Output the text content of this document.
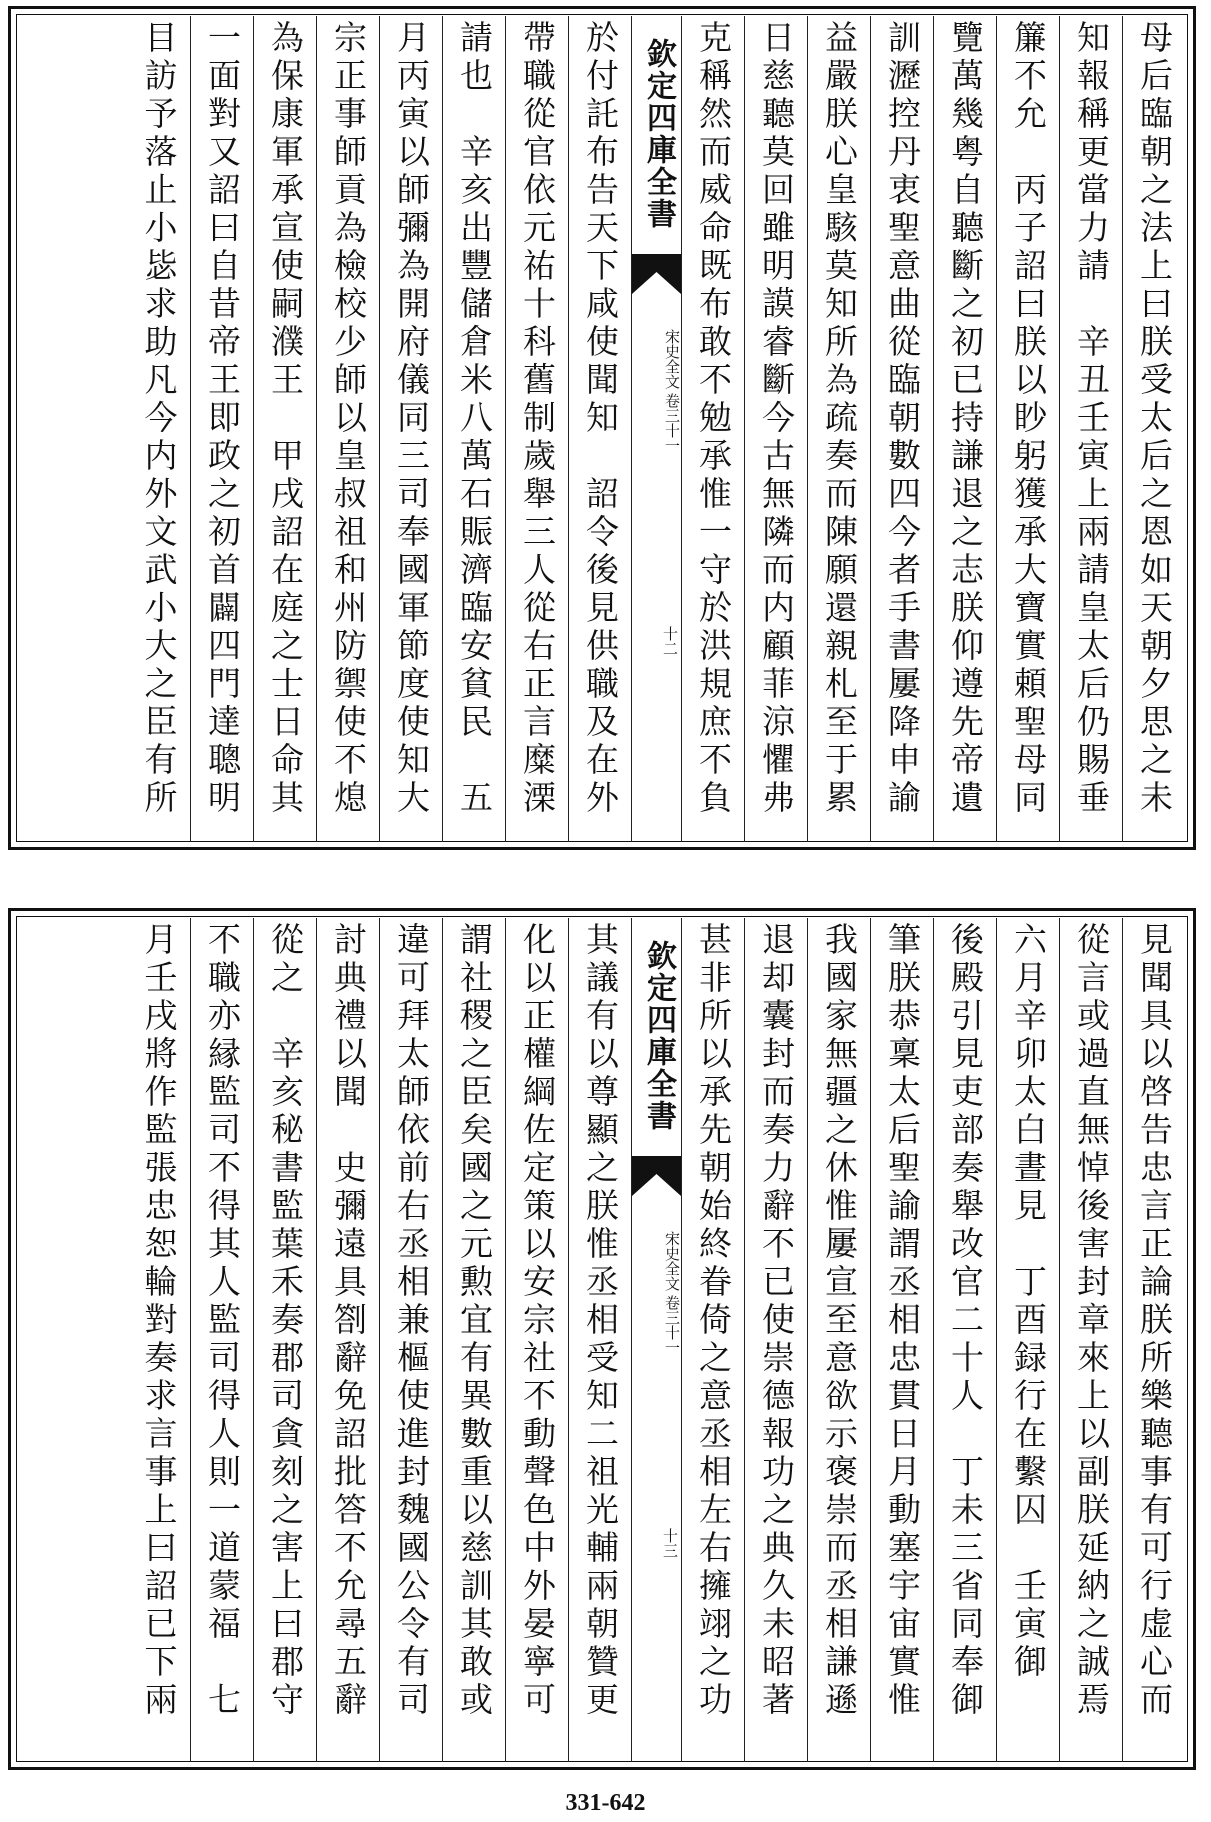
母后臨朝之法上曰朕受太后之恩如天朝夕思之未
知報稱更當力請　辛丑壬寅上兩請皇太后仍賜垂
簾不允　丙子詔曰朕以眇躬獲承大寶實頼聖母同
覽萬幾粤自聽斷之初已持謙退之志朕仰遵先帝遺
訓瀝控丹衷聖意曲從臨朝數四今者手書屢降申諭
益嚴朕心皇駭莫知所為疏奏而陳願還親札至于累
日慈聽莫回雖明謨睿斷今古無隣而内顧菲涼懼弗
克稱然而威命既布敢不勉承惟一守於洪規庶不負
欽定四庫全書
宋史全文
卷三十一
十二
於付託布告天下咸使聞知　詔令後見供職及在外
帶職從官依元祐十科舊制歲舉三人從右正言糜溧
請也　辛亥出豐儲倉米八萬石賑濟臨安貧民　五
月丙寅以師彌為開府儀同三司奉國軍節度使知大
宗正事師貢為檢校少師以皇叔祖和州防禦使不熄
為保康軍承宣使嗣濮王　甲戌詔在庭之士日命其
一面對又詔曰自昔帝王即政之初首闢四門達聰明
目訪予落止小毖求助凡今内外文武小大之臣有所
見聞具以啓告忠言正論朕所樂聽事有可行虚心而
從言或過直無悼後害封章來上以副朕延納之誠焉
六月辛卯太白晝見　丁酉録行在繫囚　壬寅御
後殿引見吏部奏舉改官二十人　丁未三省同奉御
筆朕恭稟太后聖諭謂丞相忠貫日月動塞宇宙實惟
我國家無疆之休惟屢宣至意欲示褒崇而丞相謙遜
退却囊封而奏力辭不已使崇德報功之典久未昭著
甚非所以承先朝始終眷倚之意丞相左右擁翊之功
欽定四庫全書
宋史全文
卷三十一
十三
其議有以尊顯之朕惟丞相受知二祖光輔兩朝贊更
化以正權綱佐定策以安宗社不動聲色中外晏寧可
謂社稷之臣矣國之元勲宜有異數重以慈訓其敢或
違可拜太師依前右丞相兼樞使進封魏國公令有司
討典禮以聞　史彌遠具劄辭免詔批答不允尋五辭
從之　辛亥秘書監葉禾奏郡司貪刻之害上曰郡守
不職亦縁監司不得其人監司得人則一道蒙福　七
月壬戌將作監張忠恕輪對奏求言事上曰詔已下兩
331-642
